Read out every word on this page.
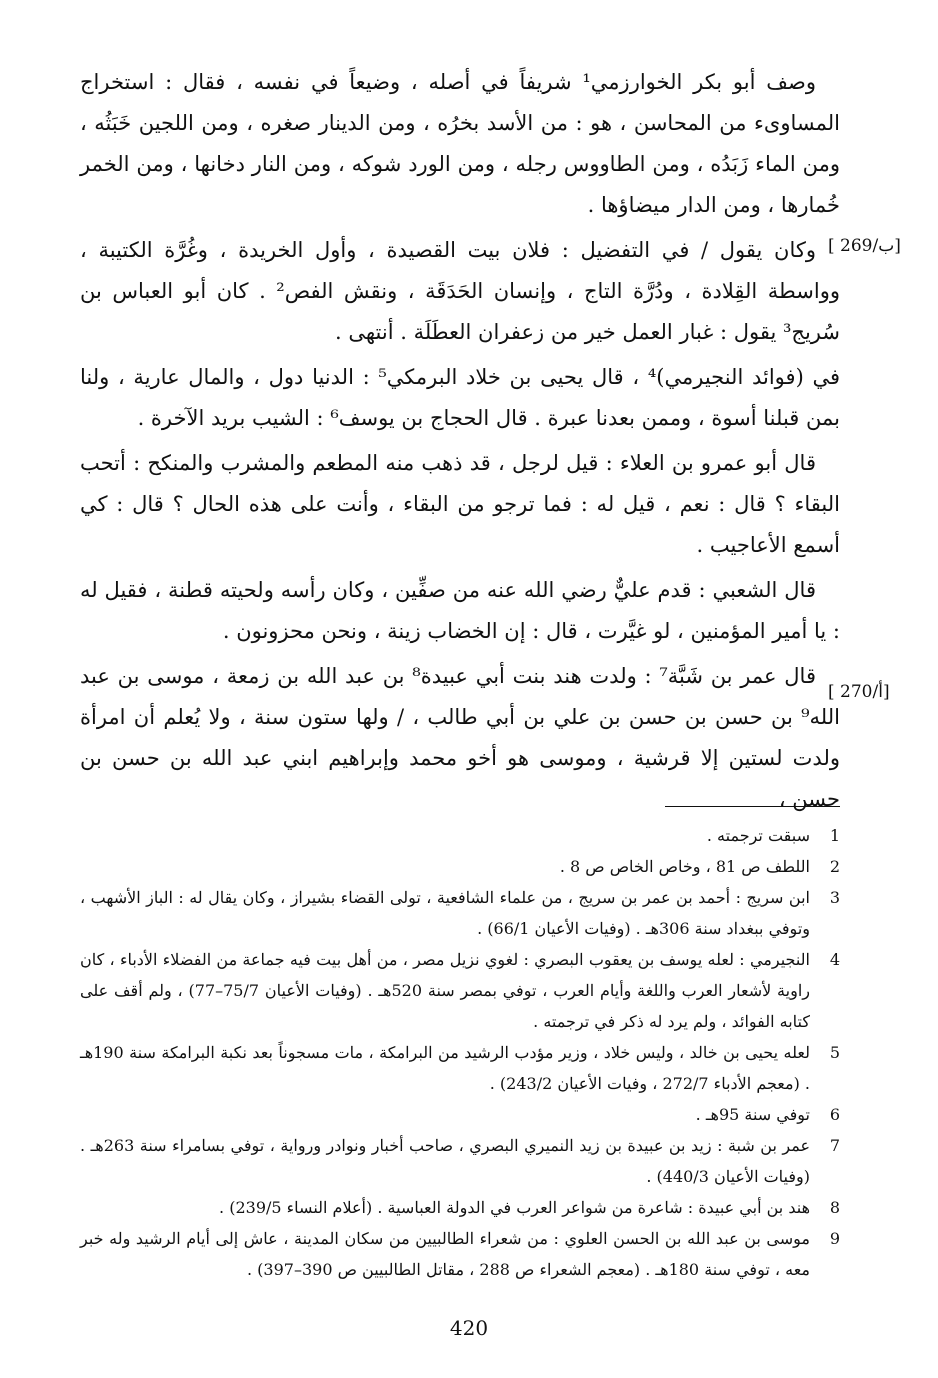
وصف أبو بكر الخوارزمي¹ شريفاً في أصله ، وضيعاً في نفسه ، فقال : استخراج المساوىء من المحاسن ، هو : من الأسد بخرُه ، ومن الدينار صغره ، ومن اللجين خَبَثُه ، ومن الماء زَبَدُه ، ومن الطاووس رجله ، ومن الورد شوكه ، ومن النار دخانها ، ومن الخمر خُمارها ، ومن الدار ميضاؤها .

وكان يقول / في التفضيل : فلان بيت القصيدة ، وأول الخريدة ، وغُرَّة الكتيبة ، وواسطة القِلادة ، ودُرَّة التاج ، وإنسان الحَدَقَة ، ونقش الفص² . كان أبو العباس بن سُريج³ يقول : غبار العمل خير من زعفران العطَلَة . أنتهى .

في (فوائد النجيرمي)⁴ ، قال يحيى بن خلاد البرمكي⁵ : الدنيا دول ، والمال عارية ، ولنا بمن قبلنا أسوة ، وممن بعدنا عبرة . قال الحجاج بن يوسف⁶ : الشيب بريد الآخرة .

قال أبو عمرو بن العلاء : قيل لرجل ، قد ذهب منه المطعم والمشرب والمنكح : أتحب البقاء ؟ قال : نعم ، قيل له : فما ترجو من البقاء ، وأنت على هذه الحال ؟ قال : كي أسمع الأعاجيب .

قال الشعبي : قدم عليٌّ رضي الله عنه من صفِّين ، وكان رأسه ولحيته قطنة ، فقيل له : يا أمير المؤمنين ، لو غيَّرت ، قال : إن الخضاب زينة ، ونحن محزونون .

قال عمر بن شَبَّة⁷ : ولدت هند بنت أبي عبيدة⁸ بن عبد الله بن زمعة ، موسى بن عبد الله⁹ بن حسن بن حسن بن علي بن أبي طالب ، / ولها ستون سنة ، ولا يُعلم أن امرأة ولدت لستين إلا قرشية ، وموسى هو أخو محمد وإبراهيم ابني عبد الله بن حسن بن حسن ،

[ 269/ب]
[ 270/أ]
1
سبقت ترجمته .
2
اللطف ص 81 ، وخاص الخاص ص 8 .
3
ابن سريج : أحمد بن عمر بن سريج ، من علماء الشافعية ، تولى القضاء بشيراز ، وكان يقال له : الباز الأشهب ، وتوفي ببغداد سنة 306هـ . (وفيات الأعيان 66/1) .
4
النجيرمي : لعله يوسف بن يعقوب البصري : لغوي نزيل مصر ، من أهل بيت فيه جماعة من الفضلاء الأدباء ، كان راوية لأشعار العرب واللغة وأيام العرب ، توفي بمصر سنة 520هـ . (وفيات الأعيان 75/7–77) ، ولم أقف على كتابه الفوائد ، ولم يرد له ذكر في ترجمته .
5
لعله يحيى بن خالد ، وليس خلاد ، وزير مؤدب الرشيد من البرامكة ، مات مسجوناً بعد نكبة البرامكة سنة 190هـ . (معجم الأدباء 272/7 ، وفيات الأعيان 243/2) .
6
توفي سنة 95هـ .
7
عمر بن شبة : زيد بن عبيدة بن زيد النميري البصري ، صاحب أخبار ونوادر ورواية ، توفي بسامراء سنة 263هـ . (وفيات الأعيان 440/3) .
8
هند بن أبي عبيدة : شاعرة من شواعر العرب في الدولة العباسية . (أعلام النساء 239/5) .
9
موسى بن عبد الله بن الحسن العلوي : من شعراء الطالبيين من سكان المدينة ، عاش إلى أيام الرشيد وله خبر معه ، توفي سنة 180هـ . (معجم الشعراء ص 288 ، مقاتل الطالبيين ص 390–397) .
420
